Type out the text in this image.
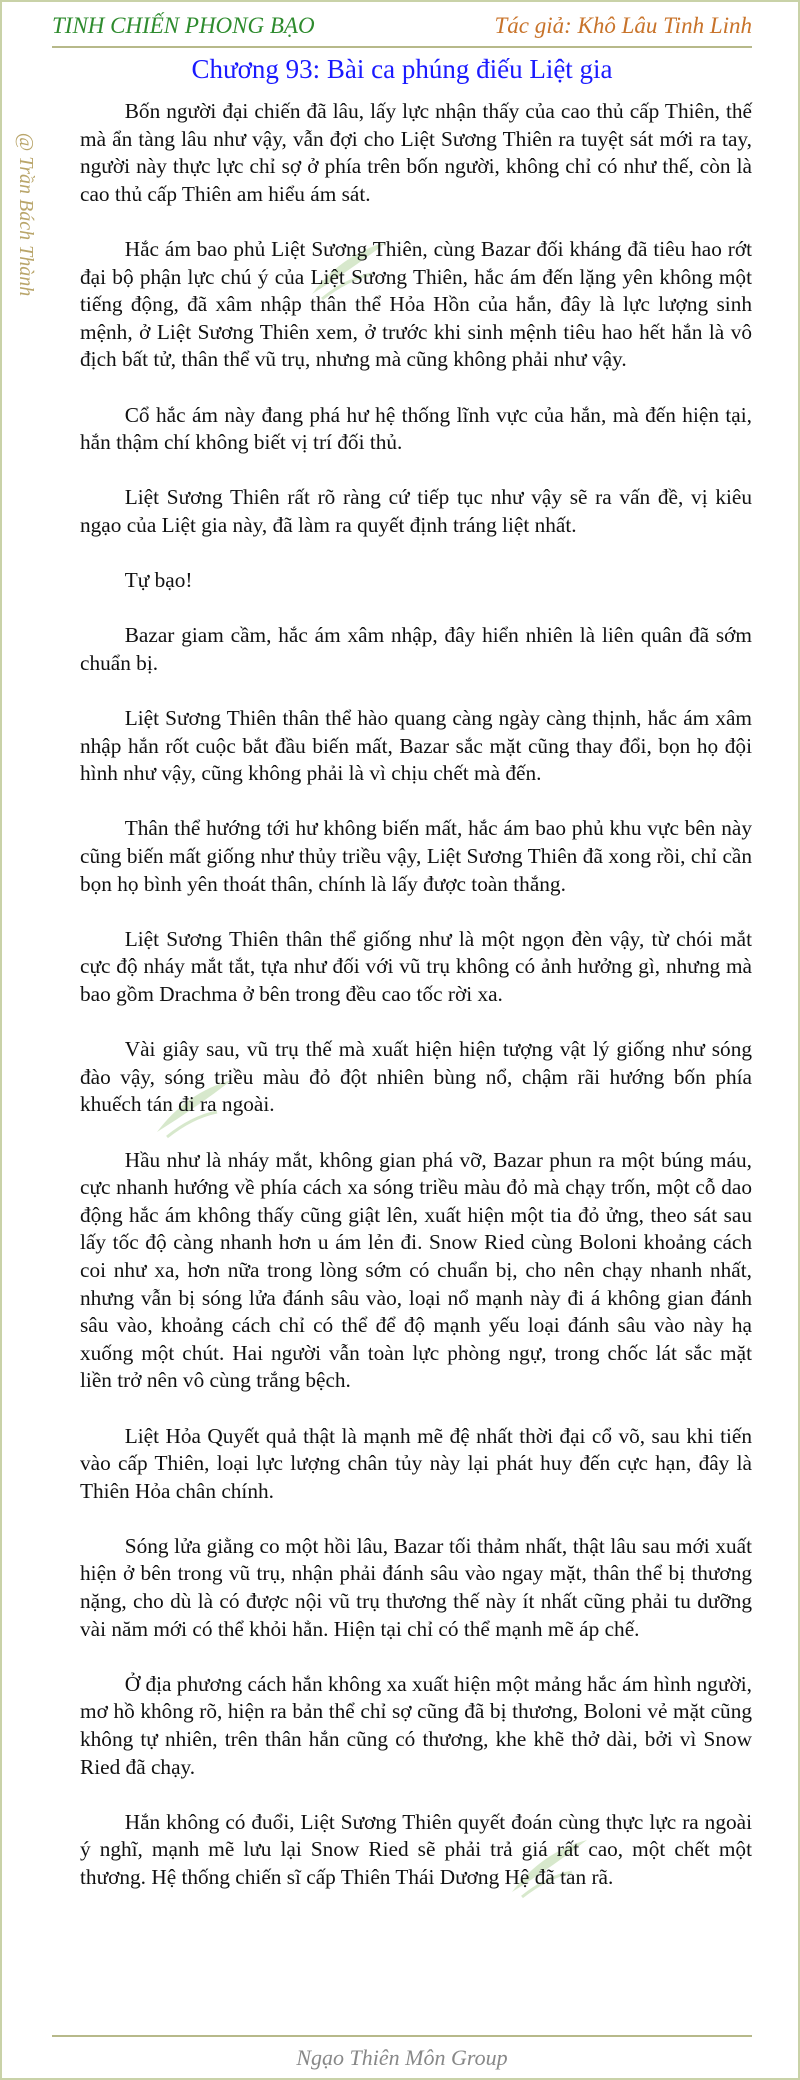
TINH CHIẾN PHONG BẠO	Tác giả: Khô Lâu Tinh Linh
@ Trần Bách Thành
Chương 93: Bài ca phúng điếu Liệt gia

Bốn người đại chiến đã lâu, lấy lực nhận thấy của cao thủ cấp Thiên, thế mà ẩn tàng lâu như vậy, vẫn đợi cho Liệt Sương Thiên ra tuyệt sát mới ra tay, người này thực lực chỉ sợ ở phía trên bốn người, không chỉ có như thế, còn là cao thủ cấp Thiên am hiểu ám sát.

Hắc ám bao phủ Liệt Sương Thiên, cùng Bazar đối kháng đã tiêu hao rớt đại bộ phận lực chú ý của Liệt Sương Thiên, hắc ám đến lặng yên không một tiếng động, đã xâm nhập thân thể Hỏa Hồn của hắn, đây là lực lượng sinh mệnh, ở Liệt Sương Thiên xem, ở trước khi sinh mệnh tiêu hao hết hắn là vô địch bất tử, thân thể vũ trụ, nhưng mà cũng không phải như vậy.

Cổ hắc ám này đang phá hư hệ thống lĩnh vực của hắn, mà đến hiện tại, hắn thậm chí không biết vị trí đối thủ.

Liệt Sương Thiên rất rõ ràng cứ tiếp tục như vậy sẽ ra vấn đề, vị kiêu ngạo của Liệt gia này, đã làm ra quyết định tráng liệt nhất.

Tự bạo!

Bazar giam cầm, hắc ám xâm nhập, đây hiển nhiên là liên quân đã sớm chuẩn bị.

Liệt Sương Thiên thân thể hào quang càng ngày càng thịnh, hắc ám xâm nhập hắn rốt cuộc bắt đầu biến mất, Bazar sắc mặt cũng thay đổi, bọn họ đội hình như vậy, cũng không phải là vì chịu chết mà đến.

Thân thể hướng tới hư không biến mất, hắc ám bao phủ khu vực bên này cũng biến mất giống như thủy triều vậy, Liệt Sương Thiên đã xong rồi, chỉ cần bọn họ bình yên thoát thân, chính là lấy được toàn thắng.

Liệt Sương Thiên thân thể giống như là một ngọn đèn vậy, từ chói mắt cực độ nháy mắt tắt, tựa như đối với vũ trụ không có ảnh hưởng gì, nhưng mà bao gồm Drachma ở bên trong đều cao tốc rời xa.

Vài giây sau, vũ trụ thế mà xuất hiện hiện tượng vật lý giống như sóng đào vậy, sóng triều màu đỏ đột nhiên bùng nổ, chậm rãi hướng bốn phía khuếch tán đi ra ngoài.

Hầu như là nháy mắt, không gian phá vỡ, Bazar phun ra một búng máu, cực nhanh hướng về phía cách xa sóng triều màu đỏ mà chạy trốn, một cỗ dao động hắc ám không thấy cũng giật lên, xuất hiện một tia đỏ ửng, theo sát sau lấy tốc độ càng nhanh hơn u ám lẻn đi. Snow Ried cùng Boloni khoảng cách coi như xa, hơn nữa trong lòng sớm có chuẩn bị, cho nên chạy nhanh nhất, nhưng vẫn bị sóng lửa đánh sâu vào, loại nổ mạnh này đi á không gian đánh sâu vào, khoảng cách chỉ có thể để độ mạnh yếu loại đánh sâu vào này hạ xuống một chút. Hai người vẫn toàn lực phòng ngự, trong chốc lát sắc mặt liền trở nên vô cùng trắng bệch.

Liệt Hỏa Quyết quả thật là mạnh mẽ đệ nhất thời đại cổ võ, sau khi tiến vào cấp Thiên, loại lực lượng chân tủy này lại phát huy đến cực hạn, đây là Thiên Hỏa chân chính.

Sóng lửa giằng co một hồi lâu, Bazar tối thảm nhất, thật lâu sau mới xuất hiện ở bên trong vũ trụ, nhận phải đánh sâu vào ngay mặt, thân thể bị thương nặng, cho dù là có được nội vũ trụ thương thế này ít nhất cũng phải tu dưỡng vài năm mới có thể khỏi hẳn. Hiện tại chỉ có thể mạnh mẽ áp chế.

Ở địa phương cách hắn không xa xuất hiện một mảng hắc ám hình người, mơ hồ không rõ, hiện ra bản thể chỉ sợ cũng đã bị thương, Boloni vẻ mặt cũng không tự nhiên, trên thân hắn cũng có thương, khe khẽ thở dài, bởi vì Snow Ried đã chạy.

Hắn không có đuổi, Liệt Sương Thiên quyết đoán cùng thực lực ra ngoài ý nghĩ, mạnh mẽ lưu lại Snow Ried sẽ phải trả giá rất cao, một chết một thương. Hệ thống chiến sĩ cấp Thiên Thái Dương Hệ đã tan rã.

Ngạo Thiên Môn Group
